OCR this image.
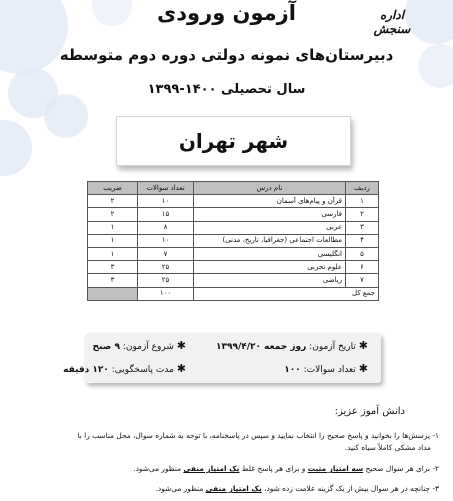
اداره سنجش
آزمون ورودی
دبیرستان‌های نمونه دولتی دوره دوم متوسطه
سال تحصیلی ۱۴۰۰-۱۳۹۹
شهر تهران
ردیف	نام درس	تعداد سوالات	ضریب
۱	قرآن و پیام‌های آسمان	۱۰	۲
۲	فارسی	۱۵	۲
۳	عربی	۸	۱
۴	مطالعات اجتماعی (جغرافیا، تاریخ، مدنی)	۱۰	۱
۵	انگلیسی	۷	۱
۶	علوم تجربی	۲۵	۳
۷	ریاضی	۲۵	۳
جمع کل		۱۰۰	
✱ تاریخ آزمون: روز جمعه ۱۳۹۹/۴/۲۰
✱ شروع آزمون: ۹ صبح
✱ تعداد سوالات: ۱۰۰
✱ مدت پاسخگویی: ۱۲۰ دقیقه
دانش آموز عزیز:
۱- پرسش‌ها را بخوانید و پاسخ صحیح را انتخاب نمایید و سپس در پاسخنامه، با توجه به شماره سوال، محل مناسب را با
مداد مشکی کاملاً سیاه کنید.
۲- برای هر سوال صحیح سه امتیاز مثبت و برای هر پاسخ غلط یک امتیاز منفی منظور می‌شود.
۳- چنانچه در هر سوال بیش از یک گزینه علامت زده شود، یک امتیاز منفی منظور می‌شود.
